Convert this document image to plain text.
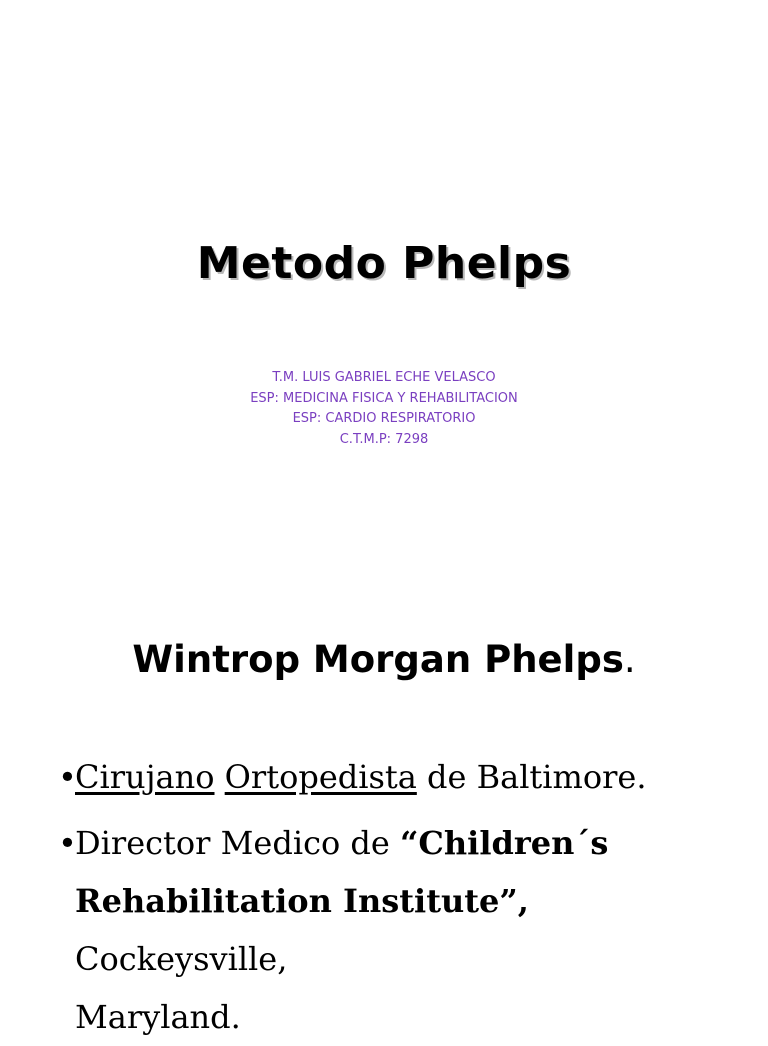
Metodo Phelps
T.M. LUIS GABRIEL ECHE VELASCO
ESP: MEDICINA FISICA Y REHABILITACION
ESP: CARDIO RESPIRATORIO
C.T.M.P: 7298
Wintrop Morgan Phelps.
•
Cirujano Ortopedista de Baltimore.
•
Director Medico de “Children´s
Rehabilitation Institute”, Cockeysville,
Maryland.
